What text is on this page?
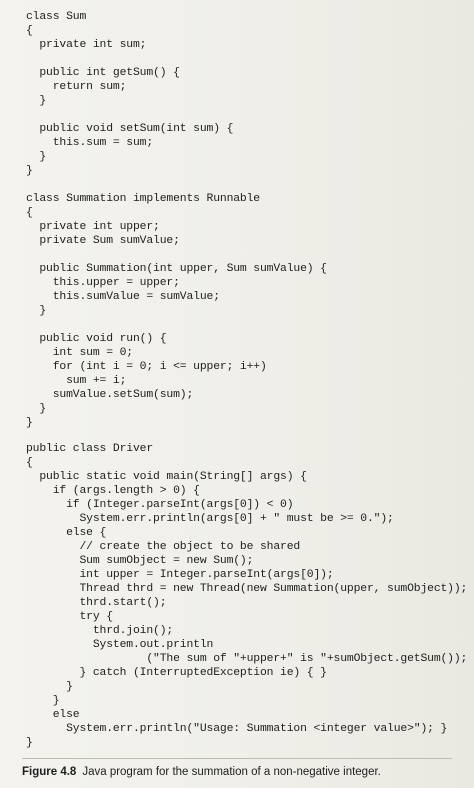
class Sum
{
private int sum;
public int getSum() {
return sum;
}
public void setSum(int sum) {
this.sum = sum;
}
}
class Summation implements Runnable
{
private int upper;
private Sum sumValue;
public Summation(int upper, Sum sumValue) {
this.upper = upper;
this.sumValue = sumValue;
}
public void run() {
int sum = 0;
for (int i = 0; i <= upper; i++)
sum += i;
sumValue.setSum(sum);
}
}
public class Driver
{
public static void main(String[] args) {
if (args.length > 0) {
if (Integer.parseInt(args[0]) < 0)
System.err.println(args[0] + " must be >= 0.");
else {
// create the object to be shared
Sum sumObject = new Sum();
int upper = Integer.parseInt(args[0]);
Thread thrd = new Thread(new Summation(upper, sumObject));
thrd.start();
try {
thrd.join();
System.out.println
("The sum of "+upper+" is "+sumObject.getSum());
} catch (InterruptedException ie) { }
}
}
else
System.err.println("Usage: Summation <integer value>"); }
}
Figure 4.8 Java program for the summation of a non-negative integer.
